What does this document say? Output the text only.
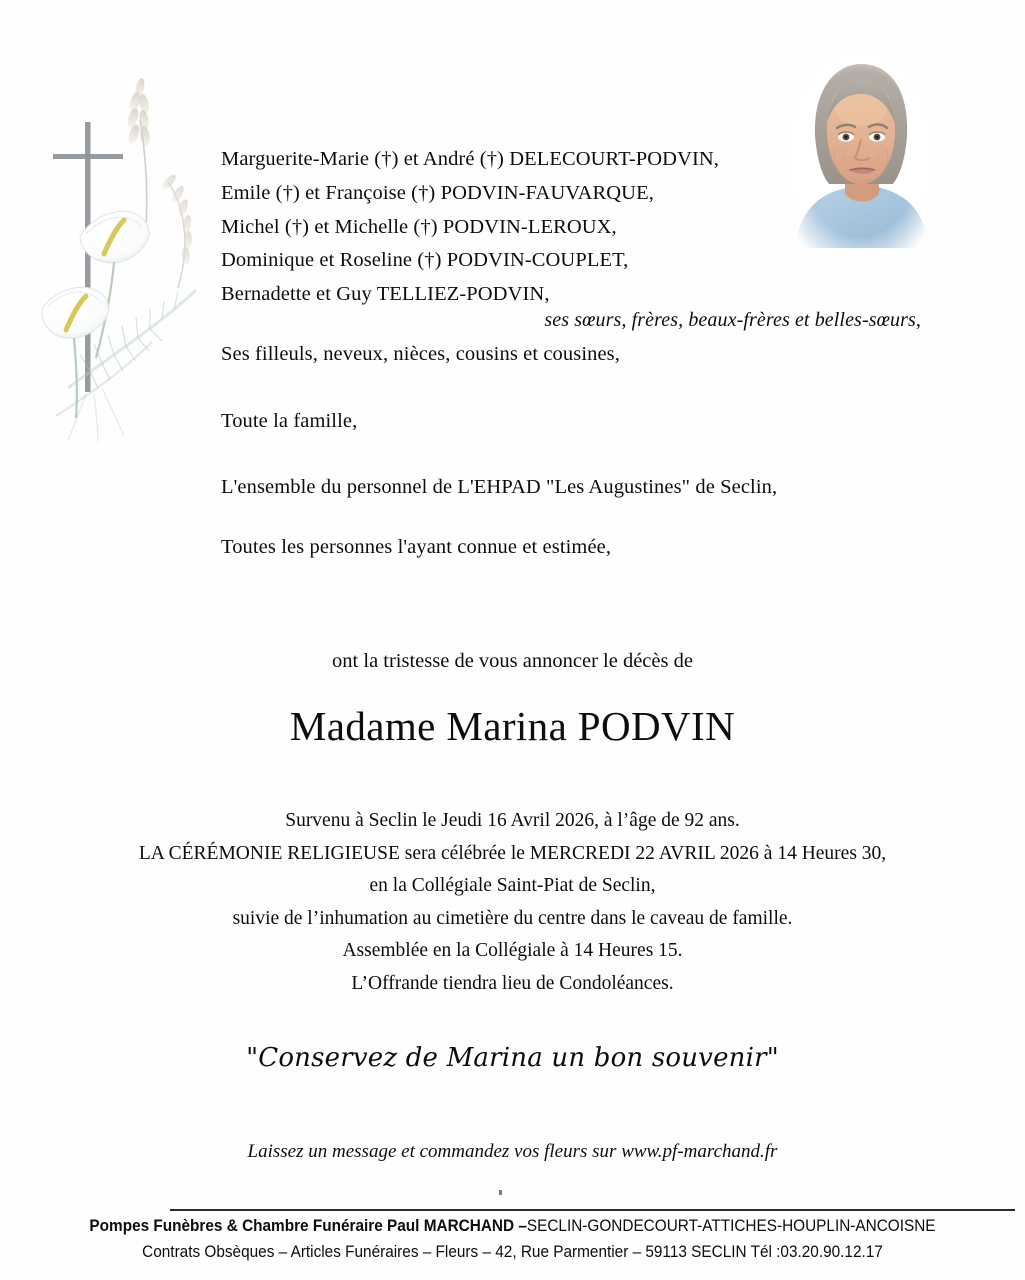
Marguerite-Marie (†) et André (†) DELECOURT-PODVIN,
Emile (†) et Françoise (†) PODVIN-FAUVARQUE,
Michel (†) et Michelle (†) PODVIN-LEROUX,
Dominique et Roseline (†) PODVIN-COUPLET,
Bernadette et Guy TELLIEZ-PODVIN,
ses sœurs, frères, beaux-frères et belles-sœurs,
Ses filleuls, neveux, nièces, cousins et cousines,
Toute la famille,
L'ensemble du personnel de L'EHPAD "Les Augustines" de Seclin,
Toutes les personnes l'ayant connue et estimée,
ont la tristesse de vous annoncer le décès de
Madame Marina PODVIN
Survenu à Seclin le Jeudi 16 Avril 2026, à l’âge de 92 ans.
LA CÉRÉMONIE RELIGIEUSE sera célébrée le MERCREDI 22 AVRIL 2026 à 14 Heures 30,
en la Collégiale Saint-Piat de Seclin,
suivie de l’inhumation au cimetière du centre dans le caveau de famille.
Assemblée en la Collégiale à 14 Heures 15.
L’Offrande tiendra lieu de Condoléances.
"Conservez de Marina un bon souvenir"
Laissez un message et commandez vos fleurs sur www.pf-marchand.fr
Pompes Funèbres & Chambre Funéraire Paul MARCHAND –SECLIN-GONDECOURT-ATTICHES-HOUPLIN-ANCOISNE
Contrats Obsèques – Articles Funéraires – Fleurs – 42, Rue Parmentier – 59113 SECLIN Tél :03.20.90.12.17
